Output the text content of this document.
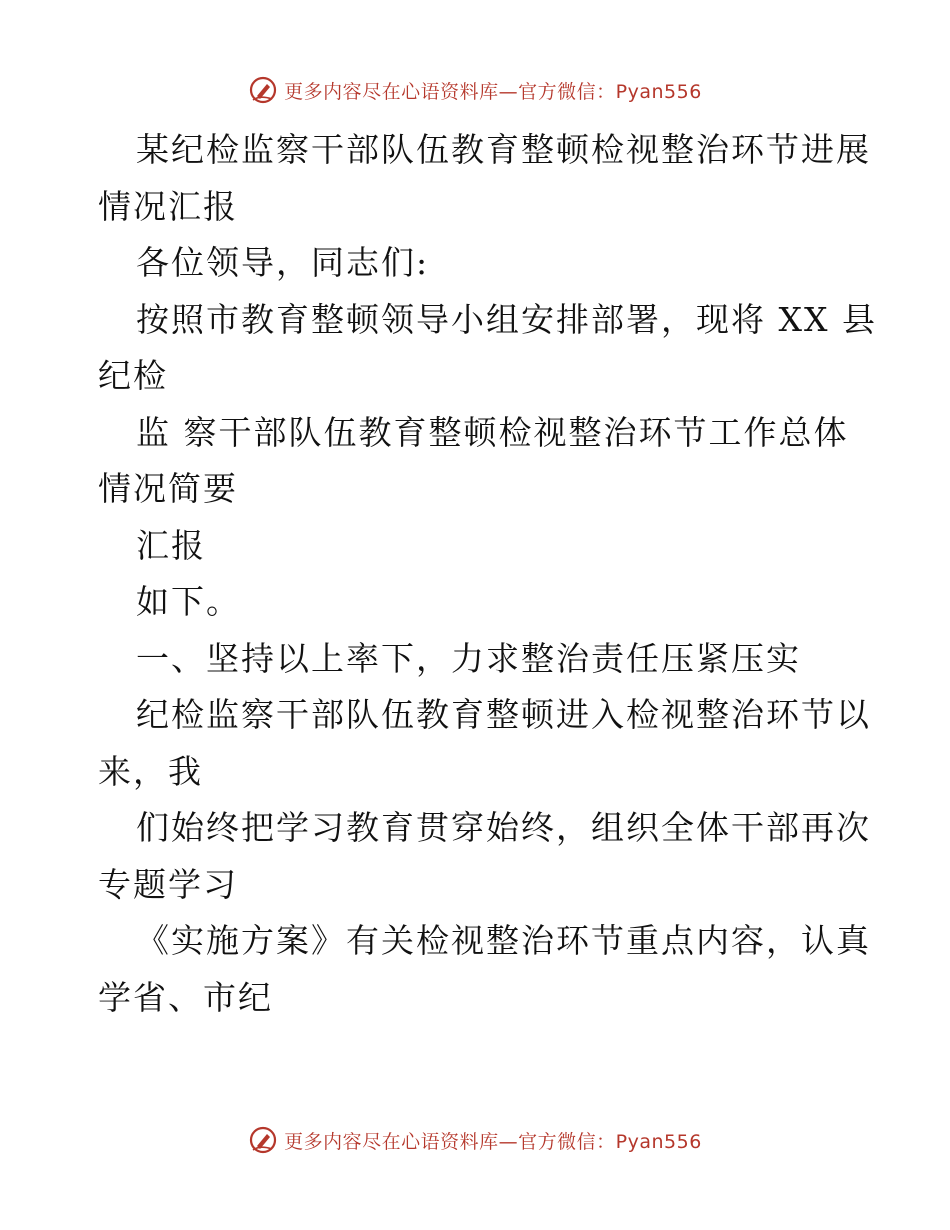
更多内容尽在心语资料库—官方微信：Pyan556
某纪检监察干部队伍教育整顿检视整治环节进展
情况汇报
各位领导，同志们:
按照市教育整顿领导小组安排部署，现将 XX 县
纪检
监 察干部队伍教育整顿检视整治环节工作总体
情况简要
汇报
如下。
一、坚持以上率下，力求整治责任压紧压实
纪检监察干部队伍教育整顿进入检视整治环节以
来，我
们始终把学习教育贯穿始终，组织全体干部再次
专题学习
《实施方案》有关检视整治环节重点内容，认真
学省、市纪
更多内容尽在心语资料库—官方微信：Pyan556
